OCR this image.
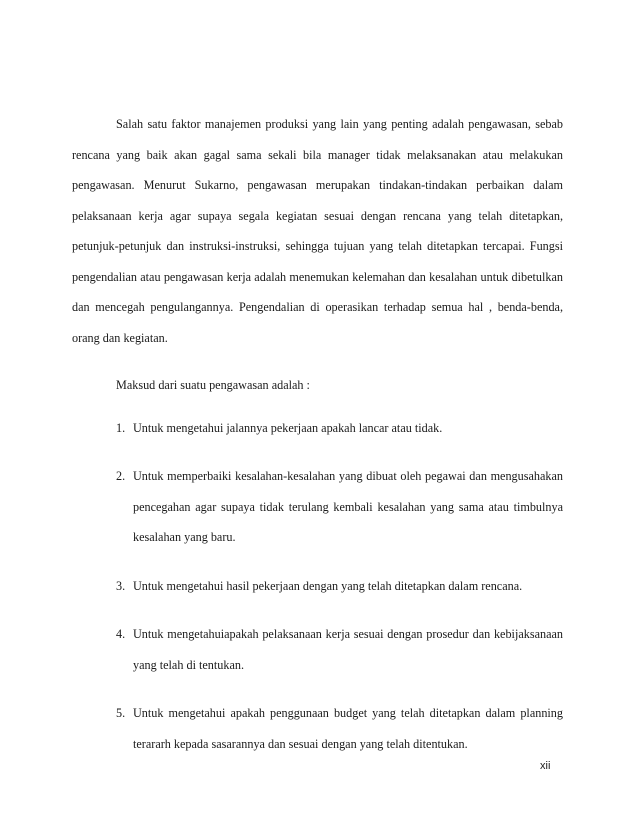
Salah satu faktor manajemen produksi yang lain yang penting adalah pengawasan, sebab rencana yang baik akan gagal sama sekali bila manager tidak melaksanakan atau melakukan pengawasan. Menurut Sukarno, pengawasan merupakan tindakan-tindakan perbaikan dalam pelaksanaan kerja agar supaya segala kegiatan sesuai dengan rencana yang telah ditetapkan, petunjuk-petunjuk dan instruksi-instruksi, sehingga tujuan yang telah ditetapkan tercapai. Fungsi pengendalian atau pengawasan kerja adalah menemukan kelemahan dan kesalahan untuk dibetulkan dan mencegah pengulangannya. Pengendalian di operasikan terhadap semua hal , benda-benda, orang dan kegiatan.

Maksud dari suatu pengawasan adalah :

1. Untuk mengetahui jalannya pekerjaan apakah lancar atau tidak.
2. Untuk memperbaiki kesalahan-kesalahan yang dibuat oleh pegawai dan mengusahakan pencegahan agar supaya tidak terulang kembali kesalahan yang sama atau timbulnya kesalahan yang baru.
3. Untuk mengetahui hasil pekerjaan dengan yang telah ditetapkan dalam rencana.
4. Untuk mengetahuiapakah pelaksanaan kerja sesuai dengan prosedur dan kebijaksanaan yang telah di tentukan.
5. Untuk mengetahui apakah penggunaan budget yang telah ditetapkan dalam planning terararh kepada sasarannya dan sesuai dengan yang telah ditentukan.
xii
